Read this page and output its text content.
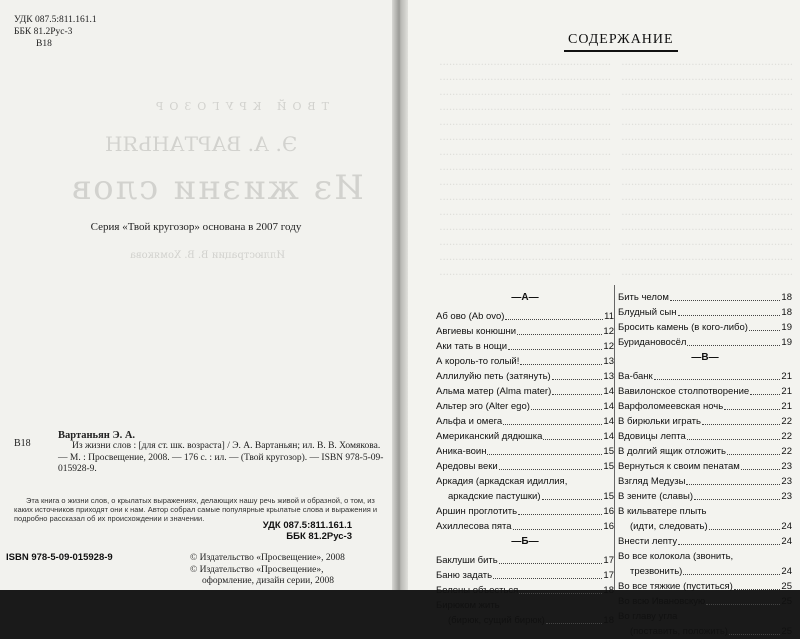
ТВОЙ КРУГОЗОР
Э. А. ВАРТАНЬЯН
Из жизни слов
Иллюстрации В. В. Хомякова
УДК 087.5:811.161.1
ББК 81.2Рус-3
В18
Серия «Твой кругозор» основана в 2007 году
В18
Вартаньян Э. А.
Из жизни слов : [для ст. шк. возраста] / Э. А. Вартаньян; ил. В. В. Хомякова. — М. : Просвещение, 2008. — 176 с. : ил. — (Твой кругозор). — ISBN 978-5-09-015928-9.
Эта книга о жизни слов, о крылатых выражениях, делающих нашу речь живой и образной, о том, из каких источников приходят они к нам. Автор собрал самые популярные крылатые слова и выражения и подробно рассказал об их происхождении и значении.
УДК 087.5:811.161.1
ББК 81.2Рус-3
ISBN 978-5-09-015928-9	© Издательство «Просвещение», 2008
© Издательство «Просвещение»,
оформление, дизайн серии, 2008
......................................................
......................................................
......................................................
......................................................
......................................................
......................................................
......................................................
......................................................
......................................................
......................................................
......................................................
......................................................
......................................................
......................................................
......................................................
......................................................
......................................................
......................................................
......................................................
......................................................
......................................................
......................................................
......................................................
......................................................
......................................................
......................................................
......................................................
......................................................
......................................................
......................................................
СОДЕРЖАНИЕ
— А —
Аб ово (Ab ovo)	11
Авгиевы конюшни	12
Аки тать в нощи	12
А король-то голый!	13
Аллилуйю петь (затянуть)	13
Альма матер (Alma mater)	14
Альтер эго (Alter ego)	14
Альфа и омега	14
Американский дядюшка	14
Аника-воин	15
Аредовы веки	15
Аркадия (аркадская идиллия,
аркадские пастушки)	15
Аршин проглотить	16
Ахиллесова пята	16
— Б —
Баклуши бить	17
Баню задать	17
Белены объесться	18
Бирюком жить
(бирюк, сущий бирюк)	18
Бить челом	18
Блудный сын	18
Бросить камень (в кого-либо)	19
Буридановосёл	19
— В —
Ва-банк	21
Вавилонское столпотворение	21
Варфоломеевская ночь	21
В бирюльки играть	22
Вдовицы лепта	22
В долгий ящик отложить	22
Вернуться к своим пенатам	23
Взгляд Медузы	23
В зените (славы)	23
В кильватере плыть
(идти, следовать)	24
Внести лепту	24
Во все колокола (звонить,
трезвонить)	24
Во все тяжкие (пуститься)	25
Во всю Ивановскую	25
Во главу угла
(поставить, положить)	25
